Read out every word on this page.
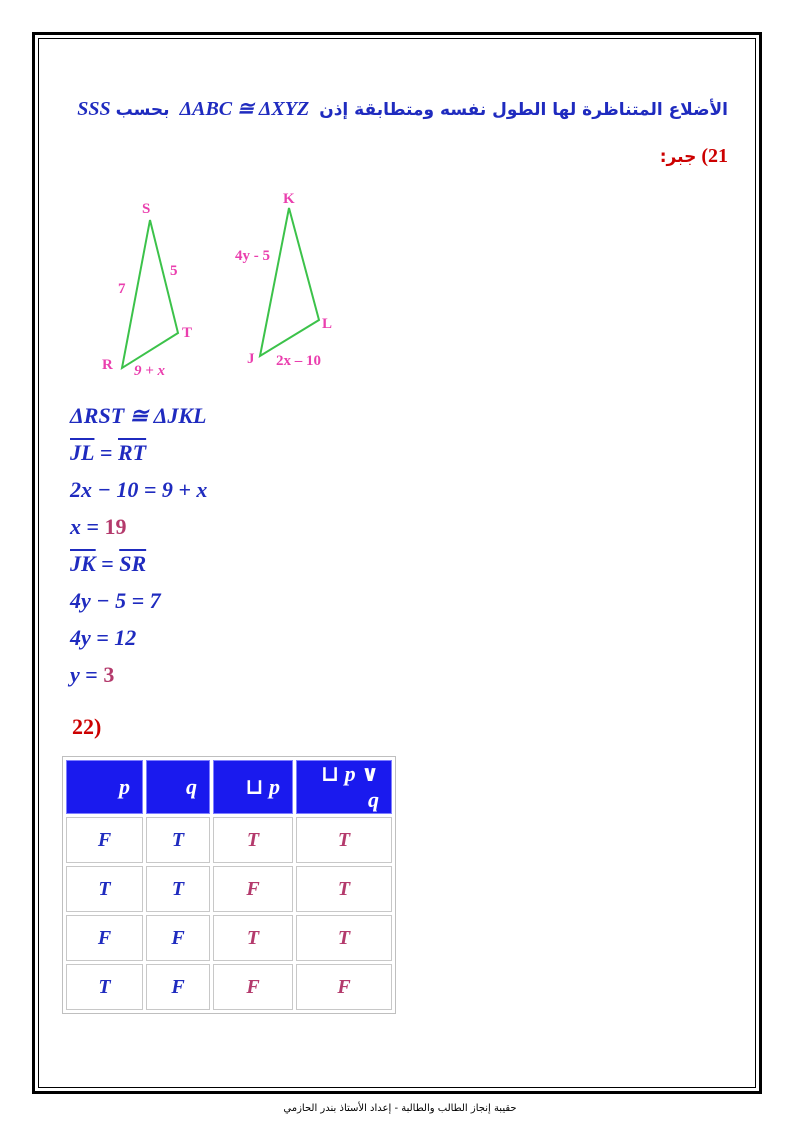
الأضلاع المتناظرة لها الطول نفسه ومتطابقة إذن  ΔABC ≅ ΔXYZ  بحسب SSS
21) جبر:
S
T
R
7
5
9 + x
K
L
J
4y - 5
2x – 10
ΔRST ≅ ΔJKL
$\overline{JL} = \overline{RT}$
2x − 10 = 9 + x
x = 19
$\overline{JK} = \overline{SR}$
4y − 5 = 7
4y = 12
y = 3
22)
p	q	⊔ p	⊔ p ∨ q
F	T	T	T
T	T	F	T
F	F	T	T
T	F	F	F
حقيبة إنجاز الطالب والطالبة - إعداد الأستاذ بندر الحازمي
